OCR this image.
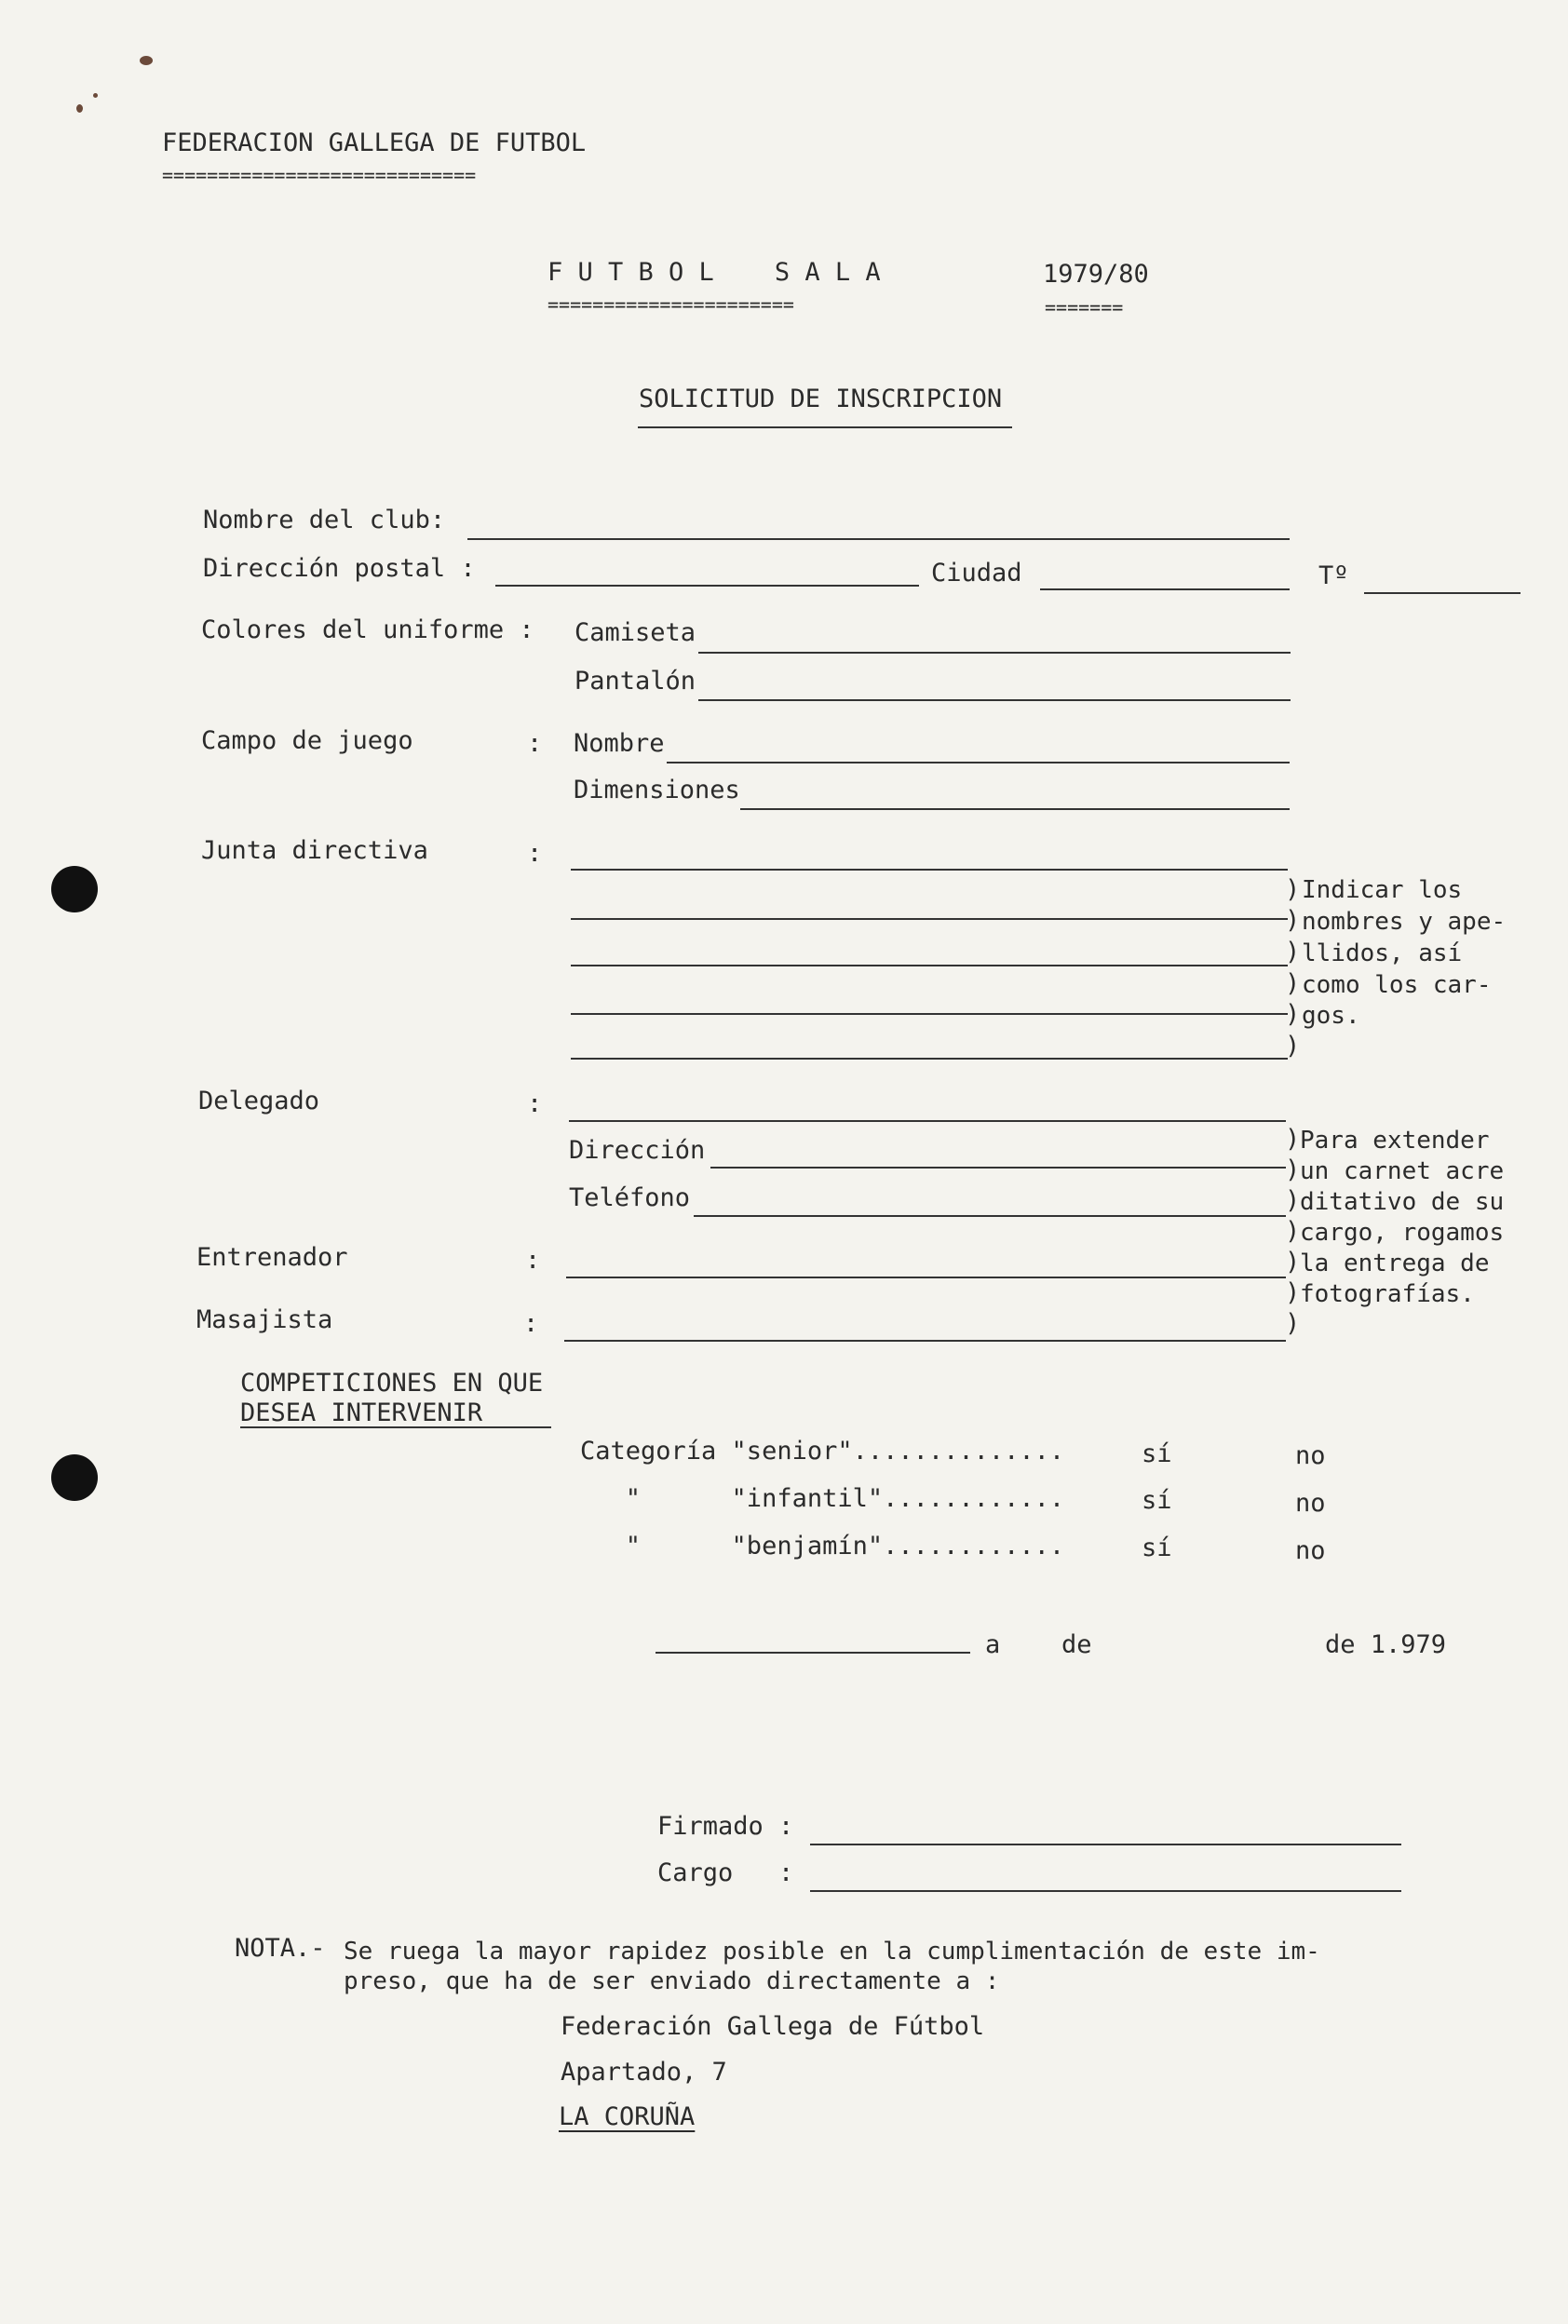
FEDERACION GALLEGA DE FUTBOL
============================
F U T B O L    S A L A
======================
1979/80
=======
SOLICITUD DE INSCRIPCION
Nombre del club:
Dirección postal :	Ciudad	Tº
Colores del uniforme : Camiseta
Pantalón
Campo de juego	: Nombre
Dimensiones
Junta directiva	:
)
)
)
)
)
)
Indicar los
nombres y ape-
llidos, así
como los car-
gos.
Delegado	:
Dirección
Teléfono
Entrenador	:
Masajista	:
)
)
)
)
)
)
)
Para extender
un carnet acre
ditativo de su
cargo, rogamos
la entrega de
fotografías.
COMPETICIONES EN QUE
DESEA INTERVENIR
Categoría "senior"..............	sí	no
"      "infantil"............	sí	no
"      "benjamín"............	sí	no
a de	de 1.979
Firmado :
Cargo   :
NOTA.- Se ruega la mayor rapidez posible en la cumplimentación de este im-
preso, que ha de ser enviado directamente a :
Federación Gallega de Fútbol
Apartado, 7
LA CORUÑA
